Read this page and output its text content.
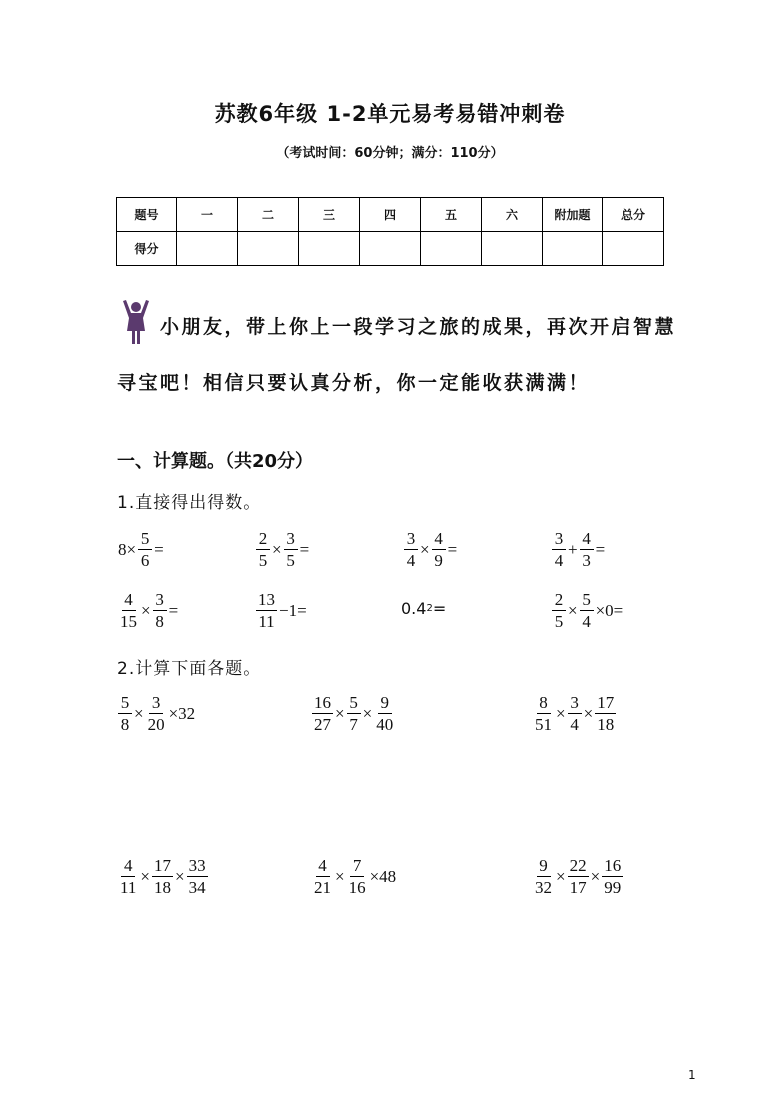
苏教6年级 1-2单元易考易错冲刺卷
（考试时间：60分钟；满分：110分）
题号	一	二	三	四	五	六	附加题	总分
得分								
小朋友，带上你上一段学习之旅的成果，再次开启智慧
寻宝吧！相信只要认真分析，你一定能收获满满！
一、计算题。（共20分）
1.直接得出得数。
$8\times \frac{5}{6}$ =	$\frac{2}{5} \times \frac{3}{5}$ =	$\frac{3}{4} \times \frac{4}{9}$ =	$\frac{3}{4} + \frac{4}{3}$ =
$\frac{4}{15} \times \frac{3}{8}$ =	$\frac{13}{11} -1=$	0.4 2 =	$\frac{2}{5} \times \frac{5}{4} \times 0=$
2.计算下面各题。
$\frac{5}{8} \times \frac{3}{20} \times 32$	$\frac{16}{27} \times \frac{5}{7} \times \frac{9}{40}$	$\frac{8}{51} \times \frac{3}{4} \times \frac{17}{18}$
$\frac{4}{11} \times \frac{17}{18} \times \frac{33}{34}$	$\frac{4}{21} \times \frac{7}{16} \times 48$	$\frac{9}{32} \times \frac{22}{17} \times \frac{16}{99}$
1
